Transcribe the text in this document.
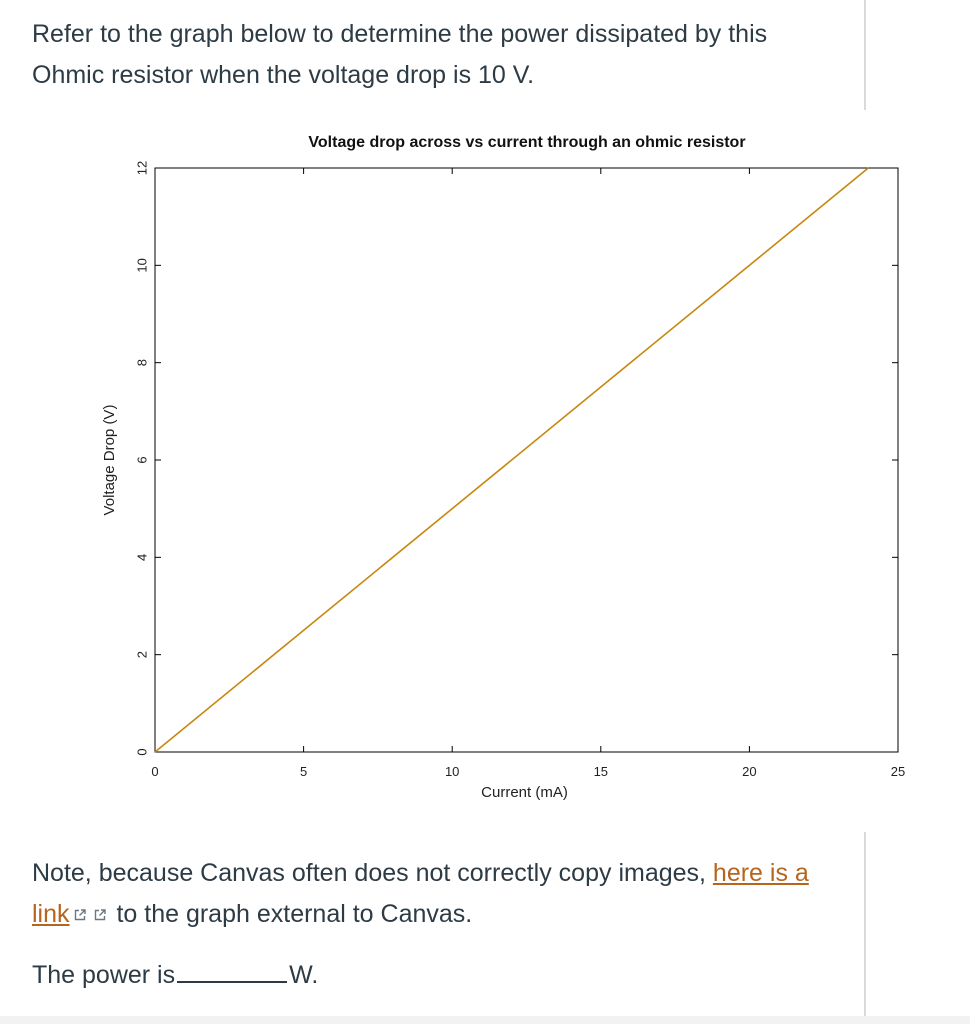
Refer to the graph below to determine the power dissipated by this Ohmic resistor when the voltage drop is 10 V.
Voltage drop across vs current through an ohmic resistor
0	5	10	15	20	25
0
2
4
6
8
10
12
Current (mA)
Voltage Drop (V)
Note, because Canvas often does not correctly copy images, here is a link to the graph external to Canvas.
The power is	W.
